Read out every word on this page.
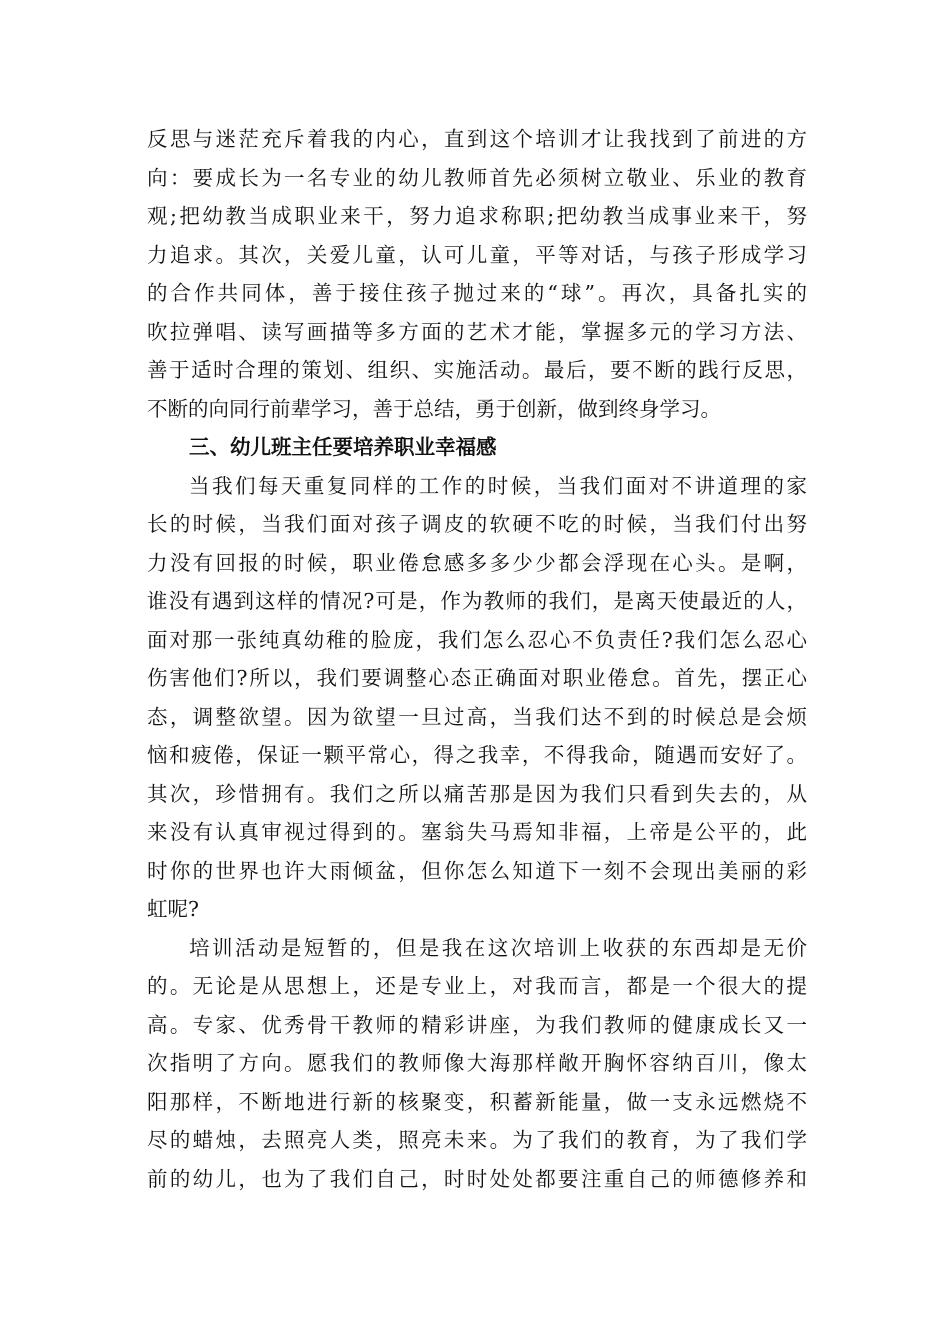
反思与迷茫充斥着我的内心，直到这个培训才让我找到了前进的方
向：要成长为一名专业的幼儿教师首先必须树立敬业、乐业的教育
观;把幼教当成职业来干，努力追求称职;把幼教当成事业来干，努
力追求。其次，关爱儿童，认可儿童，平等对话，与孩子形成学习
的合作共同体，善于接住孩子抛过来的“球”。再次，具备扎实的
吹拉弹唱、读写画描等多方面的艺术才能，掌握多元的学习方法、
善于适时合理的策划、组织、实施活动。最后，要不断的践行反思，
不断的向同行前辈学习，善于总结，勇于创新，做到终身学习。
三、幼儿班主任要培养职业幸福感
当我们每天重复同样的工作的时候，当我们面对不讲道理的家
长的时候，当我们面对孩子调皮的软硬不吃的时候，当我们付出努
力没有回报的时候，职业倦怠感多多少少都会浮现在心头。是啊，
谁没有遇到这样的情况?可是，作为教师的我们，是离天使最近的人，
面对那一张纯真幼稚的脸庞，我们怎么忍心不负责任?我们怎么忍心
伤害他们?所以，我们要调整心态正确面对职业倦怠。首先，摆正心
态，调整欲望。因为欲望一旦过高，当我们达不到的时候总是会烦
恼和疲倦，保证一颗平常心，得之我幸，不得我命，随遇而安好了。
其次，珍惜拥有。我们之所以痛苦那是因为我们只看到失去的，从
来没有认真审视过得到的。塞翁失马焉知非福，上帝是公平的，此
时你的世界也许大雨倾盆，但你怎么知道下一刻不会现出美丽的彩
虹呢?
培训活动是短暂的，但是我在这次培训上收获的东西却是无价
的。无论是从思想上，还是专业上，对我而言，都是一个很大的提
高。专家、优秀骨干教师的精彩讲座，为我们教师的健康成长又一
次指明了方向。愿我们的教师像大海那样敞开胸怀容纳百川，像太
阳那样，不断地进行新的核聚变，积蓄新能量，做一支永远燃烧不
尽的蜡烛，去照亮人类，照亮未来。为了我们的教育，为了我们学
前的幼儿，也为了我们自己，时时处处都要注重自己的师德修养和
